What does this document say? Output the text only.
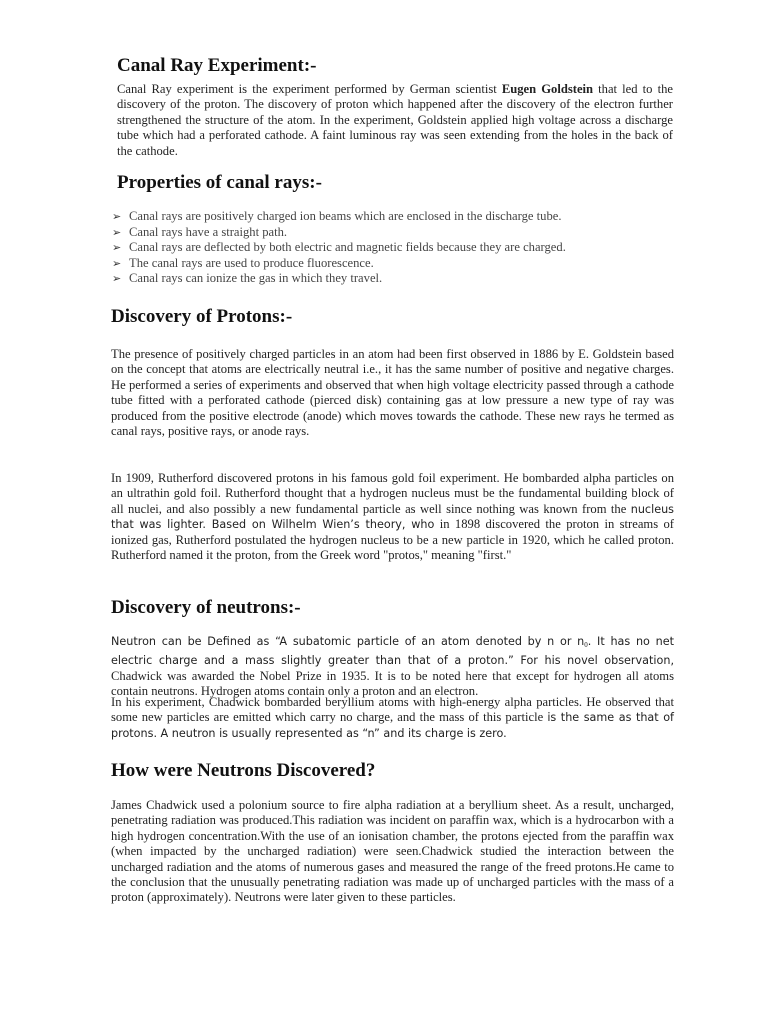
Canal Ray Experiment:-

Canal Ray experiment is the experiment performed by German scientist Eugen Goldstein that led to the discovery of the proton. The discovery of proton which happened after the discovery of the electron further strengthened the structure of the atom. In the experiment, Goldstein applied high voltage across a discharge tube which had a perforated cathode. A faint luminous ray was seen extending from the holes in the back of the cathode.

Properties of canal rays:-
➢ Canal rays are positively charged ion beams which are enclosed in the discharge tube.
➢ Canal rays have a straight path.
➢ Canal rays are deflected by both electric and magnetic fields because they are charged.
➢ The canal rays are used to produce fluorescence.
➢ Canal rays can ionize the gas in which they travel.
Discovery of Protons:-

The presence of positively charged particles in an atom had been first observed in 1886 by E. Goldstein based on the concept that atoms are electrically neutral i.e., it has the same number of positive and negative charges. He performed a series of experiments and observed that when high voltage electricity passed through a cathode tube fitted with a perforated cathode (pierced disk) containing gas at low pressure a new type of ray was produced from the positive electrode (anode) which moves towards the cathode. These new rays he termed as canal rays, positive rays, or anode rays.

In 1909, Rutherford discovered protons in his famous gold foil experiment. He bombarded alpha particles on an ultrathin gold foil. Rutherford thought that a hydrogen nucleus must be the fundamental building block of all nuclei, and also possibly a new fundamental particle as well since nothing was known from the nucleus that was lighter. Based on Wilhelm Wien’s theory, who in 1898 discovered the proton in streams of ionized gas, Rutherford postulated the hydrogen nucleus to be a new particle in 1920, which he called proton. Rutherford named it the proton, from the Greek word "protos," meaning "first."

Discovery of neutrons:-

Neutron can be Defined as “A subatomic particle of an atom denoted by n or $n_0$. It has no net electric charge and a mass slightly greater than that of a proton.” For his novel observation, Chadwick was awarded the Nobel Prize in 1935. It is to be noted here that except for hydrogen all atoms contain neutrons. Hydrogen atoms contain only a proton and an electron.

In his experiment, Chadwick bombarded beryllium atoms with high-energy alpha particles. He observed that some new particles are emitted which carry no charge, and the mass of this particle is the same as that of protons. A neutron is usually represented as “n” and its charge is zero.

How were Neutrons Discovered?

James Chadwick used a polonium source to fire alpha radiation at a beryllium sheet. As a result, uncharged, penetrating radiation was produced.This radiation was incident on paraffin wax, which is a hydrocarbon with a high hydrogen concentration.With the use of an ionisation chamber, the protons ejected from the paraffin wax (when impacted by the uncharged radiation) were seen.Chadwick studied the interaction between the uncharged radiation and the atoms of numerous gases and measured the range of the freed protons.He came to the conclusion that the unusually penetrating radiation was made up of uncharged particles with the mass of a proton (approximately). Neutrons were later given to these particles.
